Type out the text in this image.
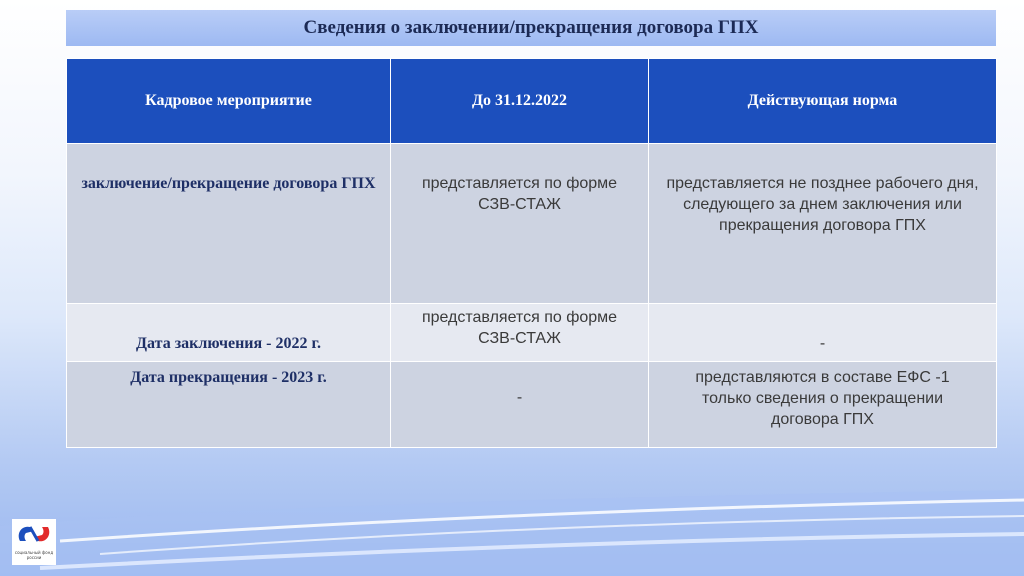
Сведения о заключении/прекращения договора ГПХ
Кадровое мероприятие	До 31.12.2022	Действующая норма

заключение/прекращение договора ГПХ	представляется по форме СЗВ-СТАЖ	представляется не позднее рабочего дня, следующего за днем заключения или прекращения договора ГПХ

Дата заключения - 2022 г.	представляется по форме СЗВ-СТАЖ	-

Дата прекращения - 2023 г.	-	представляются в составе ЕФС -1 только сведения о прекращении договора ГПХ
социальный фонд россии
